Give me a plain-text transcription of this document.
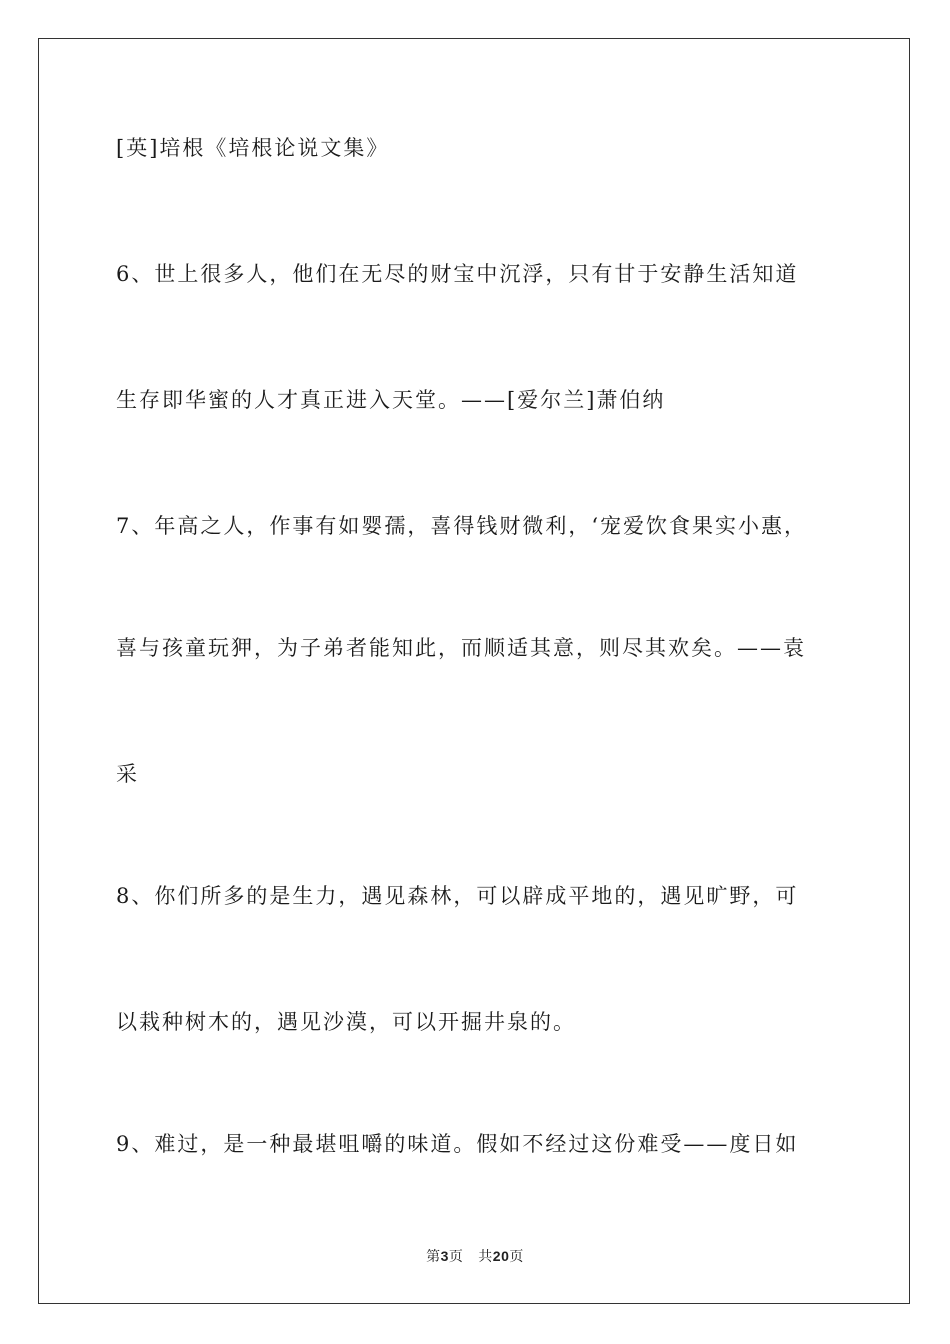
[英]培根《培根论说文集》
6、世上很多人，他们在无尽的财宝中沉浮，只有甘于安静生活知道
生存即华蜜的人才真正进入天堂。——[爱尔兰]萧伯纳
7、年高之人，作事有如婴孺，喜得钱财微利，‘宠爱饮食果实小惠，
喜与孩童玩狎，为子弟者能知此，而顺适其意，则尽其欢矣。——袁
采
8、你们所多的是生力，遇见森林，可以辟成平地的，遇见旷野，可
以栽种树木的，遇见沙漠，可以开掘井泉的。
9、难过，是一种最堪咀嚼的味道。假如不经过这份难受——度日如
第3页 共20页
